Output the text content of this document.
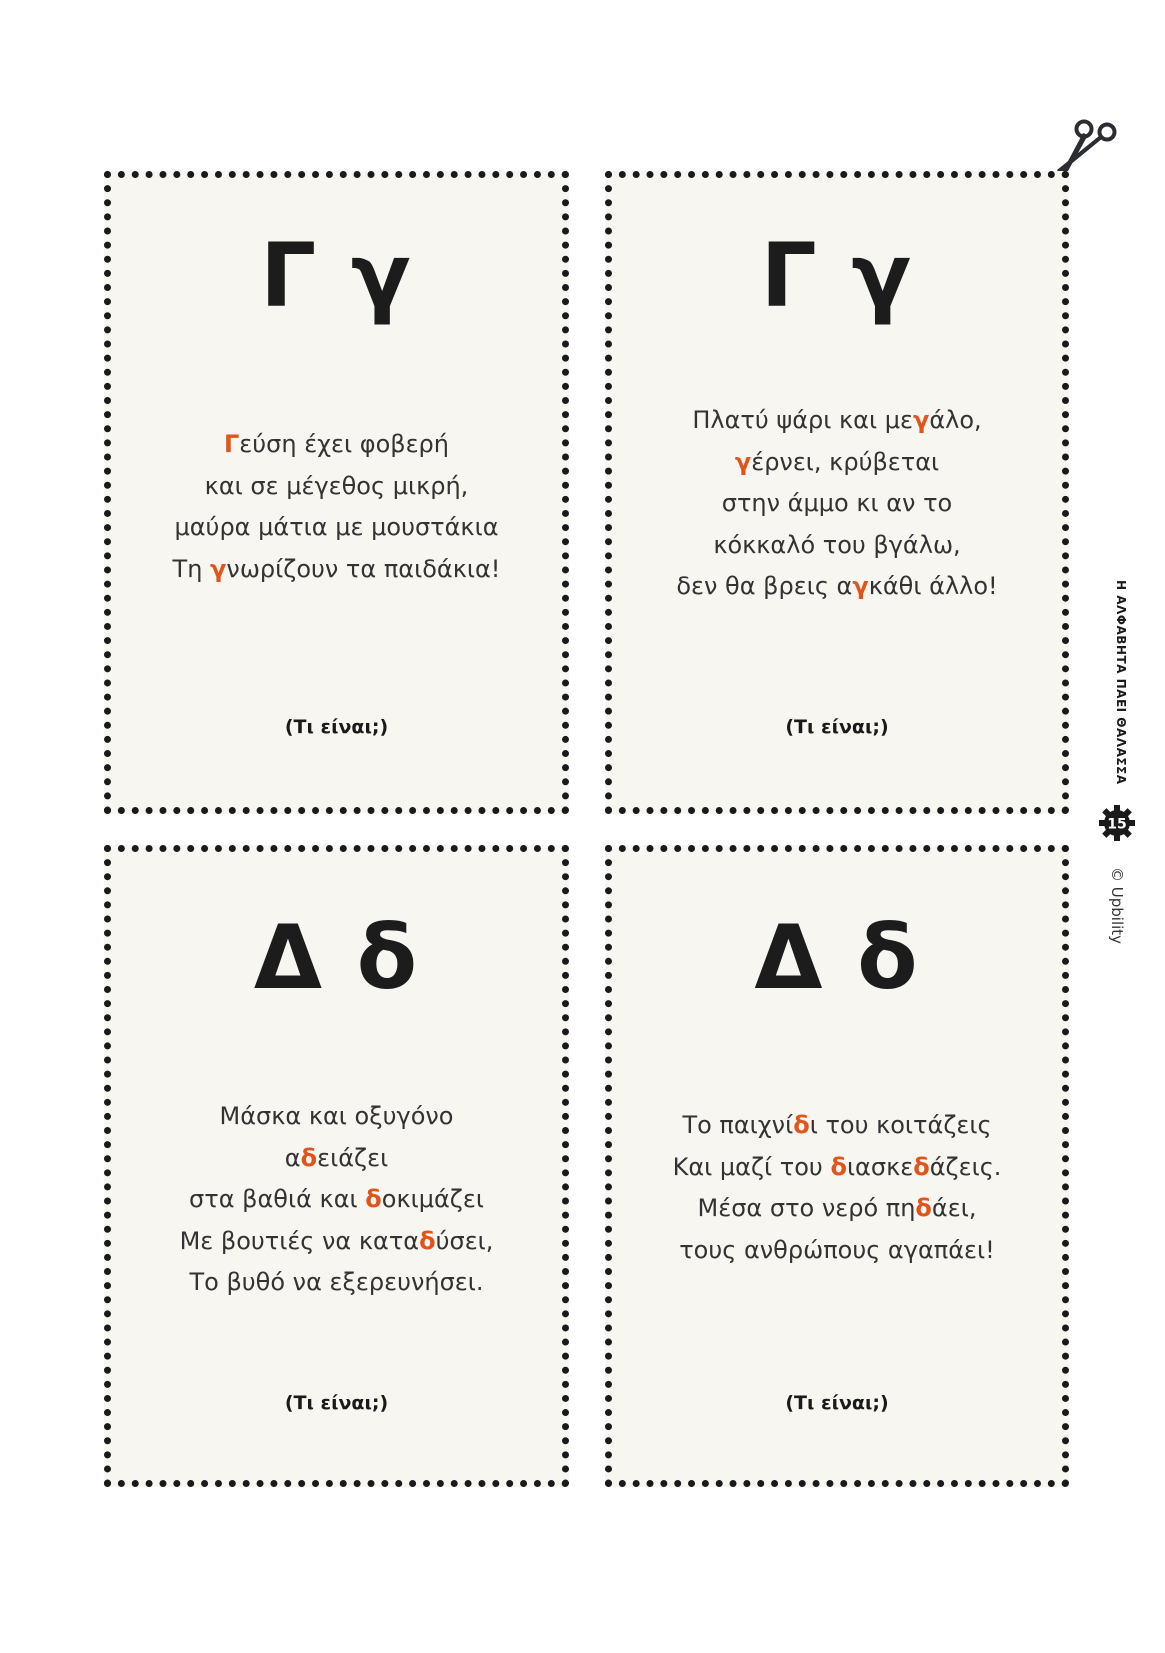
Γ γ
Γεύση έχει φοβερή
και σε μέγεθος μικρή,
μαύρα μάτια με μουστάκια
Τη γνωρίζουν τα παιδάκια!
(Τι είναι;)
Γ γ
Πλατύ ψάρι και μεγάλο,
γέρνει, κρύβεται
στην άμμο κι αν το
κόκκαλό του βγάλω,
δεν θα βρεις αγκάθι άλλο!
(Τι είναι;)
Δ δ
Μάσκα και οξυγόνο
αδειάζει
στα βαθιά και δοκιμάζει
Με βουτιές να καταδύσει,
Το βυθό να εξερευνήσει.
(Τι είναι;)
Δ δ
Το παιχνίδι του κοιτάζεις
Και μαζί του διασκεδάζεις.
Μέσα στο νερό πηδάει,
τους ανθρώπους αγαπάει!
(Τι είναι;)
Η ΑΛΦΑΒΗΤΑ ΠΑΕΙ ΘΑΛΑΣΣΑ
15
© Upbility
